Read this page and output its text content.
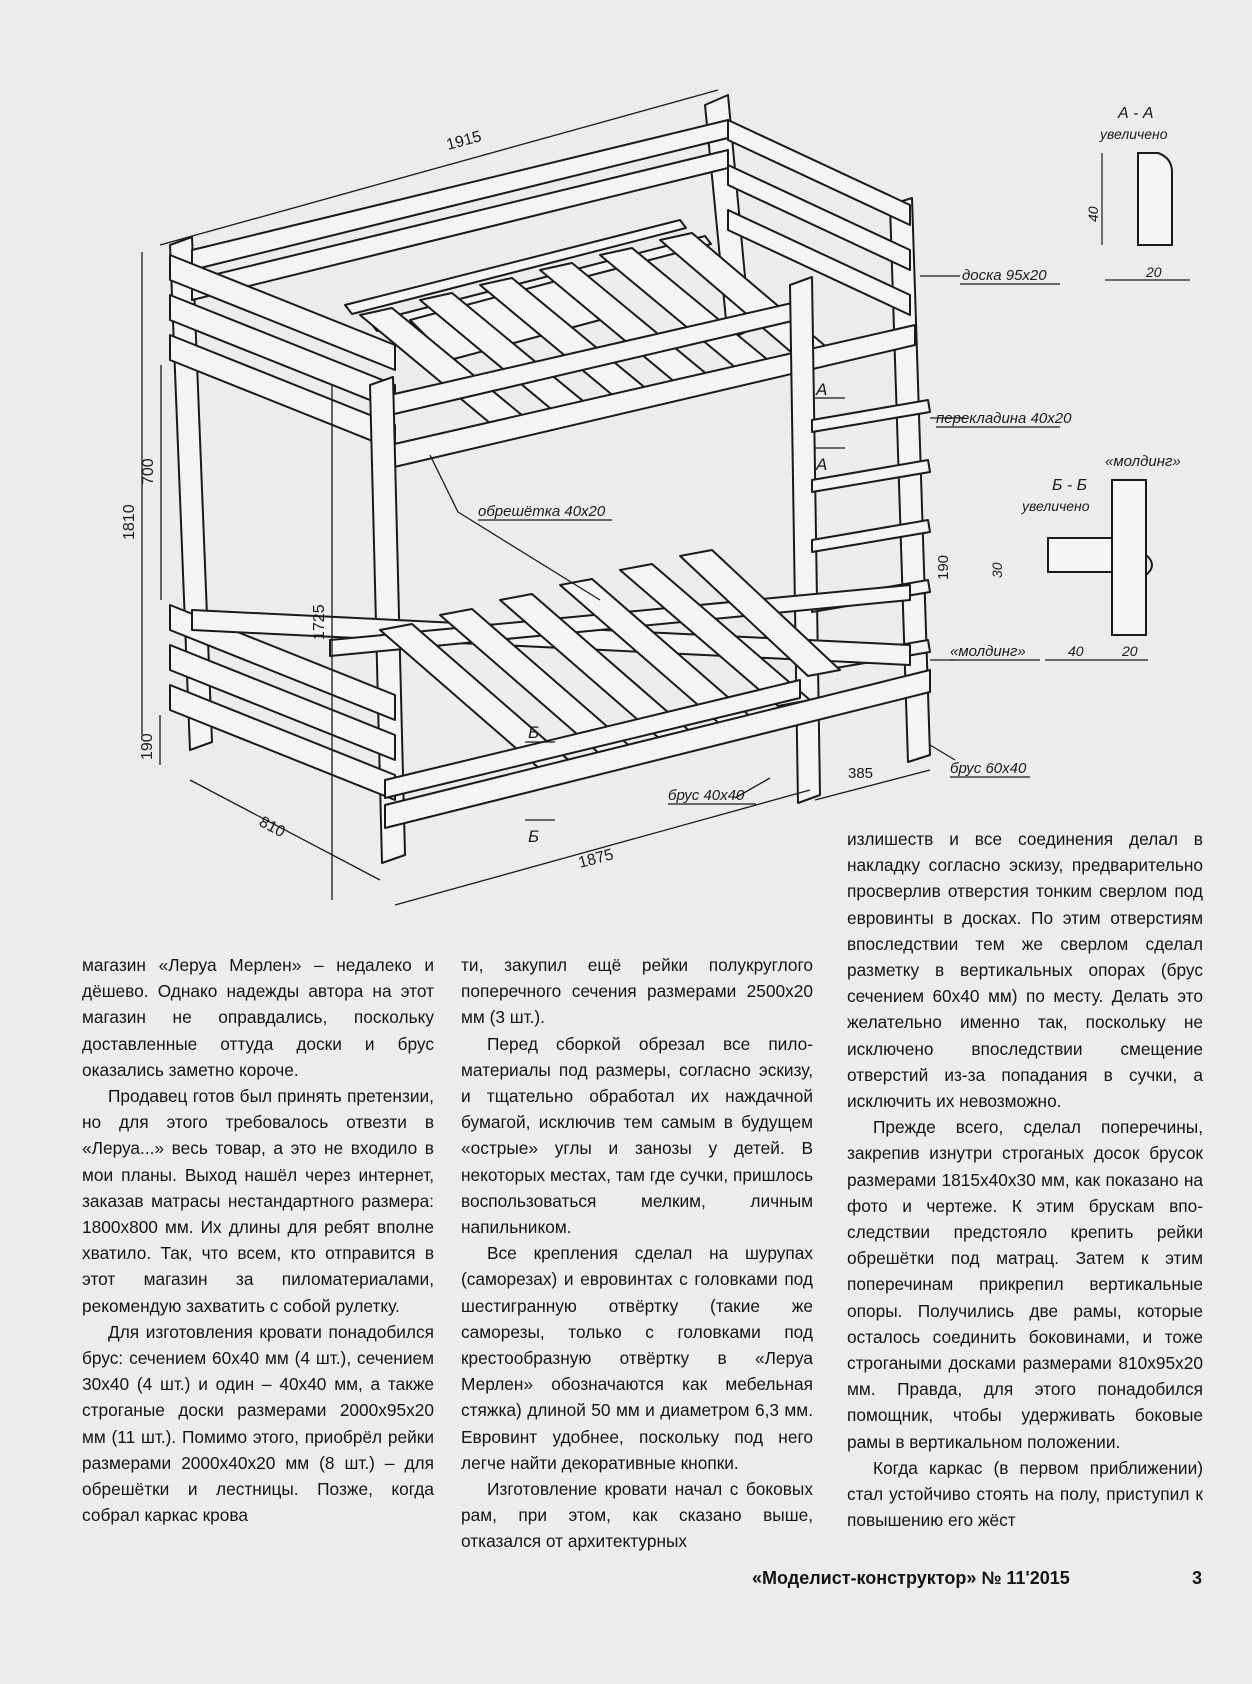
1915
1875
810
385
1810
700
190
1725
190
доска 95х20
перекладина 40х20
обрешётка 40х20
«молдинг»
«молдинг»
брус 60х40
брус 40х40
А
А
Б
Б
А - А
увеличено
40
20
Б - Б
увеличено
30
40	20

магазин «Леруа Мерлен» – недалеко и дёшево. Однако надежды автора на этот магазин не оправдались, поскольку доставленные оттуда доски и брус оказались заметно короче.

Продавец готов был принять претензии, но для этого требовалось отвезти в «Леруа...» весь товар, а это не входило в мои планы. Выход нашёл через интернет, заказав матрасы нестандартного размера: 1800х800 мм. Их длины для ребят вполне хватило. Так, что всем, кто отправится в этот магазин за пиломатериалами, рекомендую захватить с собой рулетку.

Для изготовления кровати понадобился брус: сечением 60х40 мм (4 шт.), сечением 30х40 (4 шт.) и один – 40х40 мм, а также строганые доски размерами 2000х95х20 мм (11 шт.). Помимо этого, приобрёл рейки размерами 2000х40х20 мм (8 шт.) – для обрешётки и лестницы. Позже, когда собрал каркас крова

ти, закупил ещё рейки полукруглого поперечного сечения размерами 2500х20 мм (3 шт.).

Перед сборкой обрезал все пиломатериалы под размеры, согласно эскизу, и тщательно обработал их наждачной бумагой, исключив тем самым в будущем «острые» углы и занозы у детей. В некоторых местах, там где сучки, пришлось воспользоваться мелким, личным напильником.

Все крепления сделал на шурупах (саморезах) и евровинтах с головками под шестигранную отвёртку (такие же саморезы, только с головками под крестообразную отвёртку в «Леруа Мерлен» обозначаются как мебельная стяжка) длиной 50 мм и диаметром 6,3 мм. Евровинт удобнее, поскольку под него легче найти декоративные кнопки.

Изготовление кровати начал с боковых рам, при этом, как сказано выше, отказался от архитектурных

излишеств и все соединения делал в накладку согласно эскизу, предварительно просверлив отверстия тонким сверлом под евровинты в досках. По этим отверстиям впоследствии тем же сверлом сделал разметку в вертикальных опорах (брус сечением 60х40 мм) по месту. Делать это желательно именно так, поскольку не исключено впоследствии смещение отверстий из-за попадания в сучки, а исключить их невозможно.

Прежде всего, сделал поперечины, закрепив изнутри строганых досок брусок размерами 1815х40х30 мм, как показано на фото и чертеже. К этим брускам впоследствии предстояло крепить рейки обрешётки под матрац. Затем к этим поперечинам прикрепил вертикальные опоры. Получились две рамы, которые осталось соединить боковинами, и тоже строгаными досками размерами 810х95х20 мм. Правда, для этого понадобился помощник, чтобы удерживать боковые рамы в вертикальном положении.

Когда каркас (в первом приближении) стал устойчиво стоять на полу, приступил к повышению его жёст

«Моделист-конструктор» № 11'2015	3
